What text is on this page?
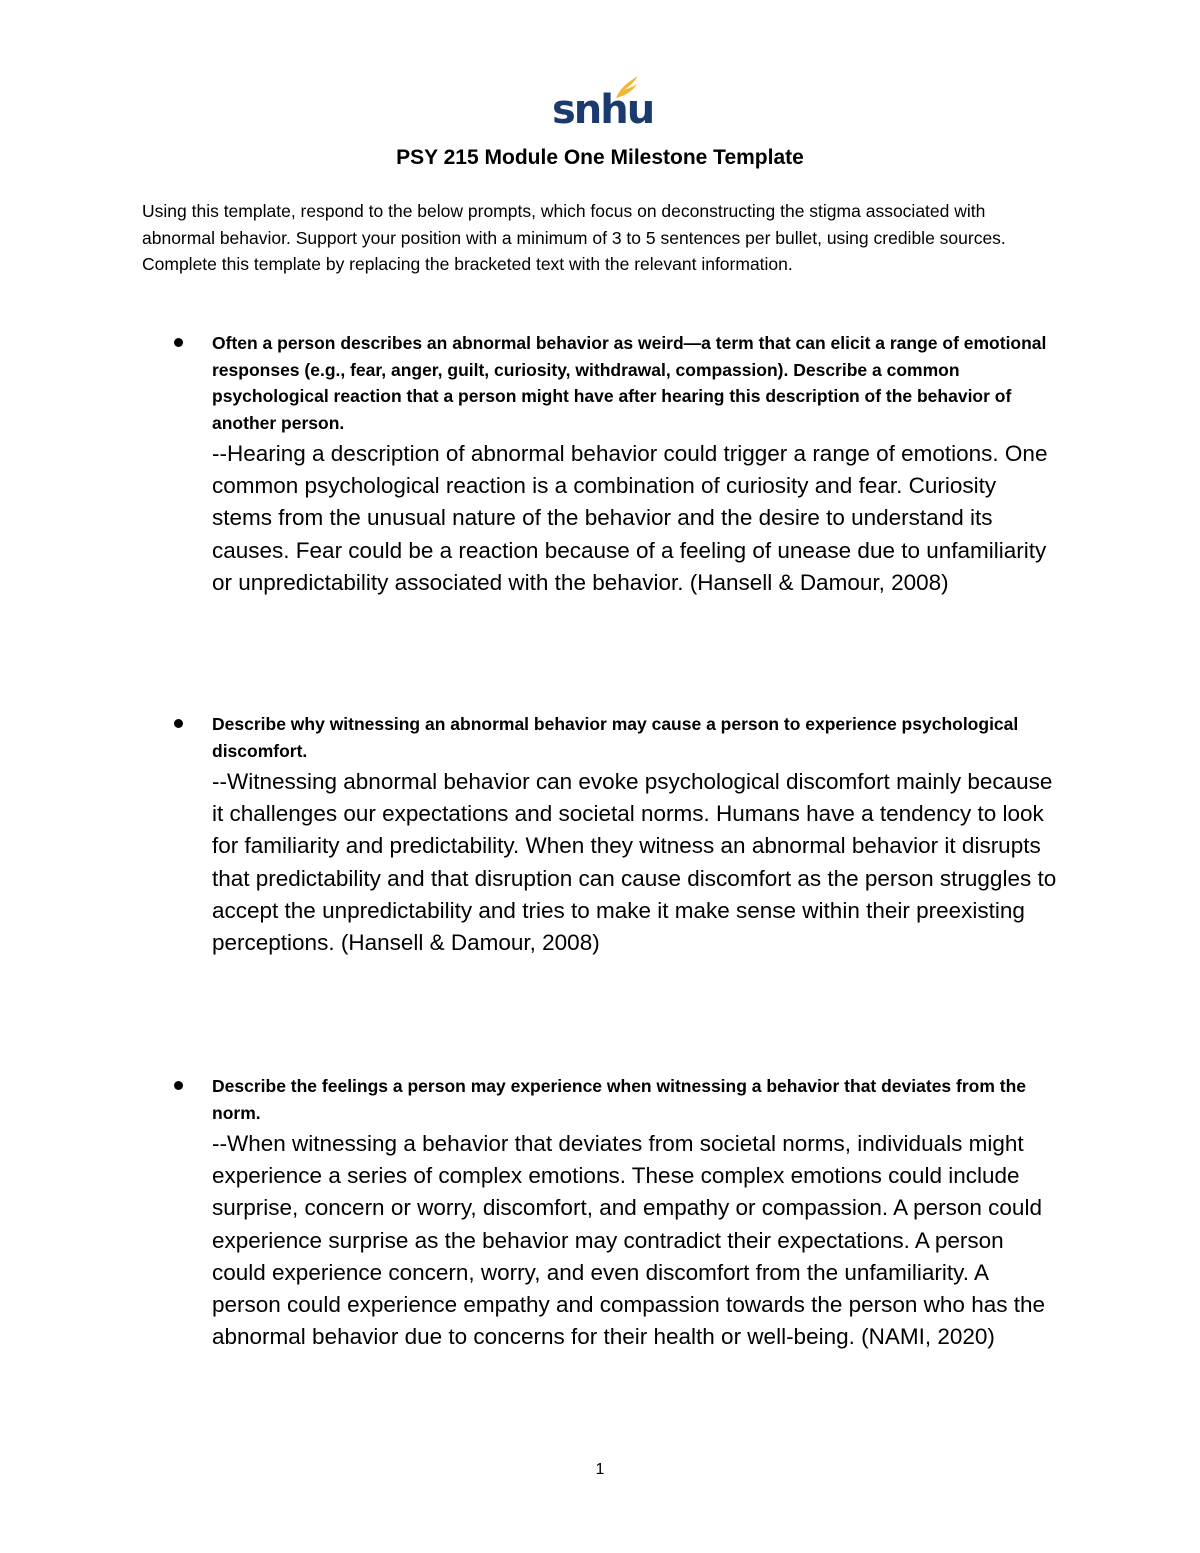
snhu
PSY 215 Module One Milestone Template
Using this template, respond to the below prompts, which focus on deconstructing the stigma associated with abnormal behavior. Support your position with a minimum of 3 to 5 sentences per bullet, using credible sources. Complete this template by replacing the bracketed text with the relevant information.
Often a person describes an abnormal behavior as weird—a term that can elicit a range of emotional responses (e.g., fear, anger, guilt, curiosity, withdrawal, compassion). Describe a common psychological reaction that a person might have after hearing this description of the behavior of another person.
--Hearing a description of abnormal behavior could trigger a range of emotions. One common psychological reaction is a combination of curiosity and fear. Curiosity stems from the unusual nature of the behavior and the desire to understand its causes. Fear could be a reaction because of a feeling of unease due to unfamiliarity or unpredictability associated with the behavior. (Hansell & Damour, 2008)
Describe why witnessing an abnormal behavior may cause a person to experience psychological discomfort.
--Witnessing abnormal behavior can evoke psychological discomfort mainly because it challenges our expectations and societal norms. Humans have a tendency to look for familiarity and predictability. When they witness an abnormal behavior it disrupts that predictability and that disruption can cause discomfort as the person struggles to accept the unpredictability and tries to make it make sense within their preexisting perceptions. (Hansell & Damour, 2008)
Describe the feelings a person may experience when witnessing a behavior that deviates from the norm.
--When witnessing a behavior that deviates from societal norms, individuals might experience a series of complex emotions. These complex emotions could include surprise, concern or worry, discomfort, and empathy or compassion. A person could experience surprise as the behavior may contradict their expectations. A person could experience concern, worry, and even discomfort from the unfamiliarity. A person could experience empathy and compassion towards the person who has the abnormal behavior due to concerns for their health or well-being. (NAMI, 2020)
1
